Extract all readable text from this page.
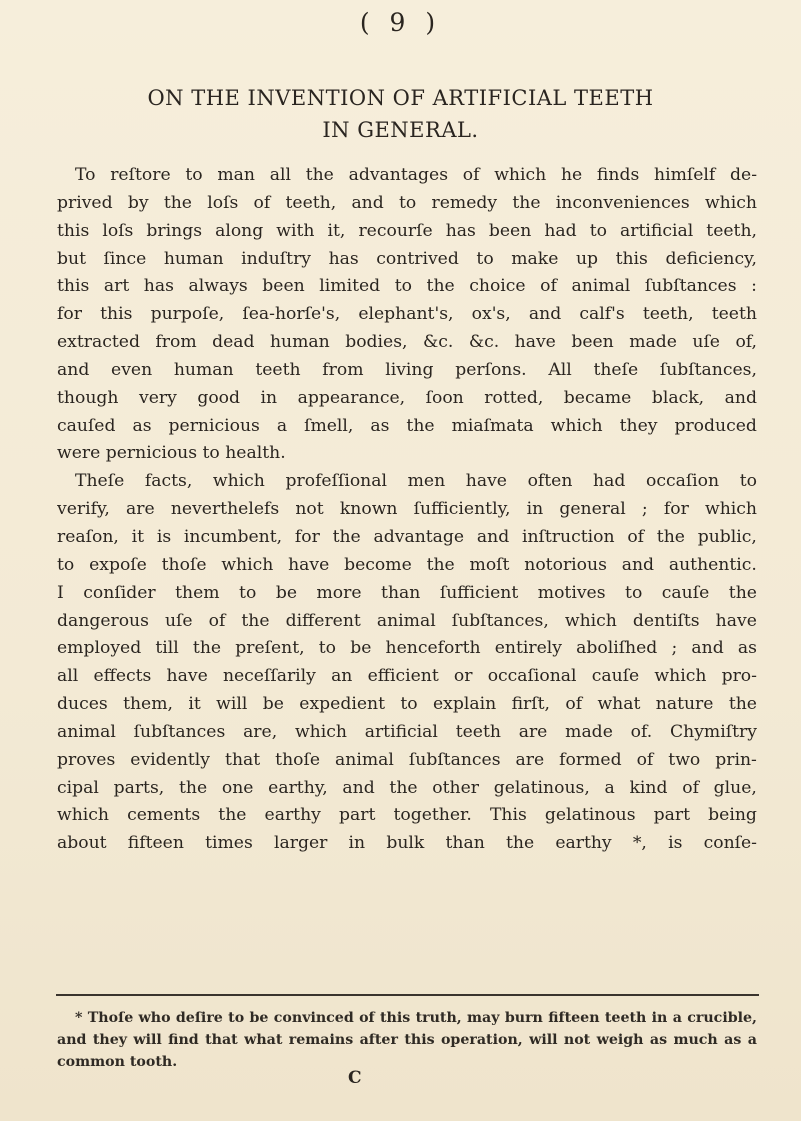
( 9 )
ON THE INVENTION OF ARTIFICIAL TEETH
IN GENERAL.
To reſtore to man all the advantages of which he finds himſelf de-
prived by the loſs of teeth, and to remedy the inconveniences which
this loſs brings along with it, recourſe has been had to artificial teeth,
but ſince human induſtry has contrived to make up this deficiency,
this art has always been limited to the choice of animal ſubſtances :
for this purpoſe, ſea-horſe's, elephant's, ox's, and calf's teeth, teeth
extracted from dead human bodies, &c. &c. have been made uſe of,
and even human teeth from living perſons. All theſe ſubſtances,
though very good in appearance, ſoon rotted, became black, and
cauſed as pernicious a ſmell, as the miaſmata which they produced
were pernicious to health.
Theſe facts, which profeſſional men have often had occaſion to
verify, are neverthelefs not known ſufficiently, in general ; for which
reaſon, it is incumbent, for the advantage and inſtruction of the public,
to expoſe thoſe which have become the moſt notorious and authentic.
I conſider them to be more than ſufficient motives to cauſe the
dangerous uſe of the different animal ſubſtances, which dentiſts have
employed till the preſent, to be henceforth entirely aboliſhed ; and as
all effects have neceſſarily an efficient or occaſional cauſe which pro-
duces them, it will be expedient to explain firſt, of what nature the
animal ſubſtances are, which artificial teeth are made of. Chymiſtry
proves evidently that thoſe animal ſubſtances are formed of two prin-
cipal parts, the one earthy, and the other gelatinous, a kind of glue,
which cements the earthy part together. This gelatinous part being
about fifteen times larger in bulk than the earthy *, is conſe-
* Thoſe who deſire to be convinced of this truth, may burn fifteen teeth in a crucible,
and they will find that what remains after this operation, will not weigh as much as a
common tooth.
C
